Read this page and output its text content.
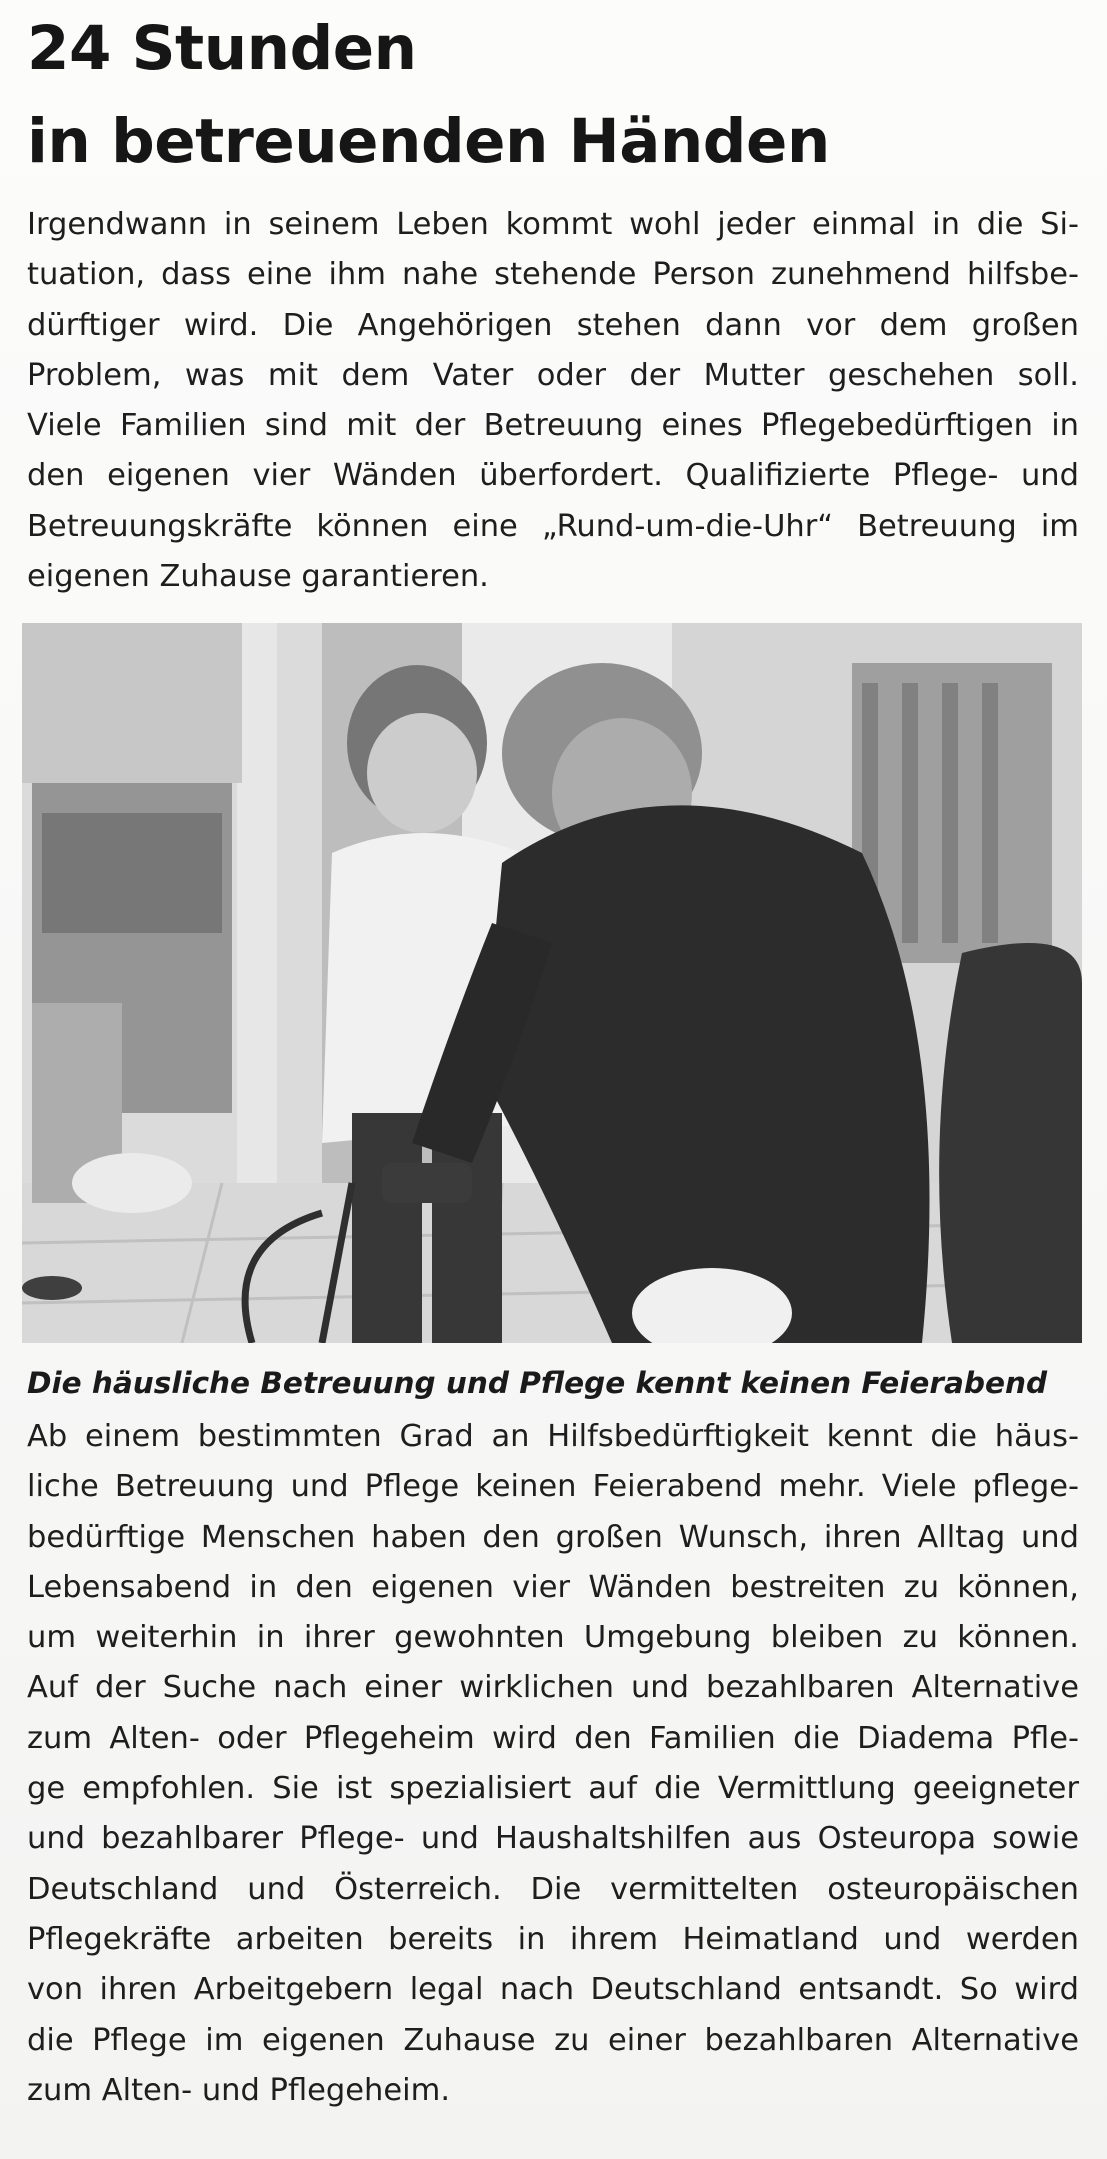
24 Stunden
in betreuenden Händen
Irgendwann in seinem Leben kommt wohl jeder einmal in die Si-
tuation, dass eine ihm nahe stehende Person zunehmend hilfsbe-
dürftiger wird. Die Angehörigen stehen dann vor dem großen
Problem, was mit dem Vater oder der Mutter geschehen soll.
Viele Familien sind mit der Betreuung eines Pflegebedürftigen in
den eigenen vier Wänden überfordert. Qualifizierte Pflege- und
Betreuungskräfte können eine „Rund-um-die-Uhr“ Betreuung im
eigenen Zuhause garantieren.

Die häusliche Betreuung und Pflege kennt keinen Feierabend

Ab einem bestimmten Grad an Hilfsbedürftigkeit kennt die häus-
liche Betreuung und Pflege keinen Feierabend mehr. Viele pflege-
bedürftige Menschen haben den großen Wunsch, ihren Alltag und
Lebensabend in den eigenen vier Wänden bestreiten zu können,
um weiterhin in ihrer gewohnten Umgebung bleiben zu können.
Auf der Suche nach einer wirklichen und bezahlbaren Alternative
zum Alten- oder Pflegeheim wird den Familien die Diadema Pfle-
ge empfohlen. Sie ist spezialisiert auf die Vermittlung geeigneter
und bezahlbarer Pflege- und Haushaltshilfen aus Osteuropa sowie
Deutschland und Österreich. Die vermittelten osteuropäischen
Pflegekräfte arbeiten bereits in ihrem Heimatland und werden
von ihren Arbeitgebern legal nach Deutschland entsandt. So wird
die Pflege im eigenen Zuhause zu einer bezahlbaren Alternative
zum Alten- und Pflegeheim.
